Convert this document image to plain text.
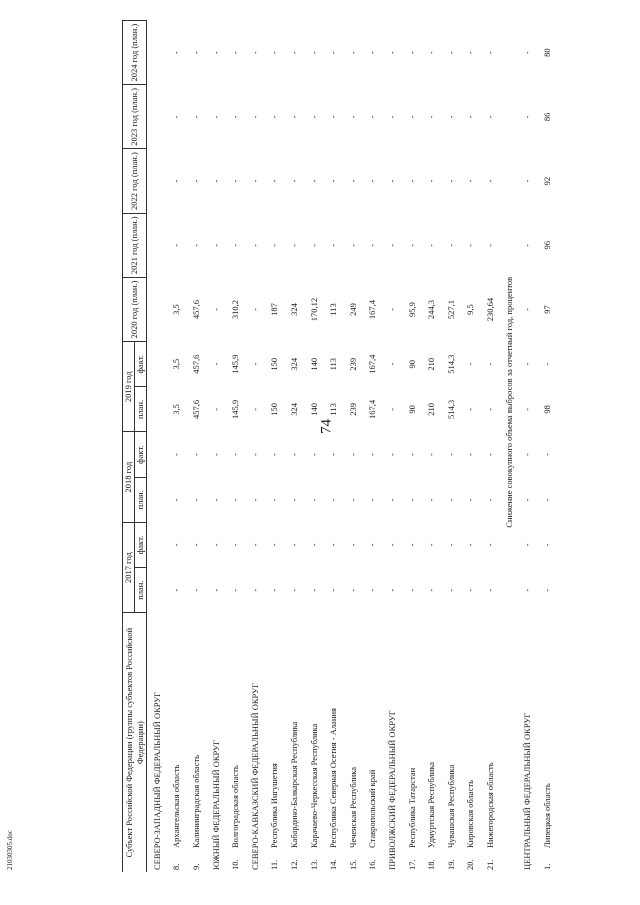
74
21030305.doc	Субъект Российской Федерации (группы субъектов Российской Федерации)	2017 год		2018 год		2019 год		2020 год (план.)	2021 год (план.)	2022 год (план.)	2023 год (план.)	2024 год (план.)
	план.	факт.	план.	факт.	план.	факт.					
СЕВЕРО-ЗАПАДНЫЙ ФЕДЕРАЛЬНЫЙ ОКРУГ											
8.Архангельская область	-	-	-	-	3,5	3,5	3,5	-	-	-	-
9.Калининградская область	-	-	-	-	457,6	457,6	457,6	-	-	-	-
ЮЖНЫЙ ФЕДЕРАЛЬНЫЙ ОКРУГ	-	-	-	-	-	-	-	-	-	-	-
10.Волгоградская область	-	-	-	-	145,9	145,9	310,2	-	-	-	-
СЕВЕРО-КАВКАЗСКИЙ ФЕДЕРАЛЬНЫЙ ОКРУГ	-	-	-	-	-	-	-	-	-	-	-
11.Республика Ингушетия	-	-	-	-	150	150	187	-	-	-	-
12.Кабардино-Балкарская Республика	-	-	-	-	324	324	324	-	-	-	-
13.Карачаево-Черкесская Республика	-	-	-	-	140	140	170,12	-	-	-	-
14.Республика Северная Осетия - Алания	-	-	-	-	113	113	113	-	-	-	-
15.Чеченская Республика	-	-	-	-	239	239	249	-	-	-	-
16.Ставропольский край	-	-	-	-	167,4	167,4	167,4	-	-	-	-
ПРИВОЛЖСКИЙ ФЕДЕРАЛЬНЫЙ ОКРУГ	-	-	-	-	-	-	-	-	-	-	-
17.Республика Татарстан	-	-	-	-	90	90	95,9	-	-	-	-
18.Удмуртская Республика	-	-	-	-	210	210	244,3	-	-	-	-
19.Чувашская Республика	-	-	-	-	514,3	514,3	527,1	-	-	-	-
20.Кировская область	-	-	-	-	-	-	9,5	-	-	-	-
21.Нижегородская область	-	-	-	-	-	-	230,64	-	-	-	-
Снижение совокупного объема выбросов за отчетный год, процентов											
ЦЕНТРАЛЬНЫЙ ФЕДЕРАЛЬНЫЙ ОКРУГ	-	-	-	-	-	-	-	-	-	-	-
1.Липецкая область	-	-	-	-	98	-	97	96	92	86	80
